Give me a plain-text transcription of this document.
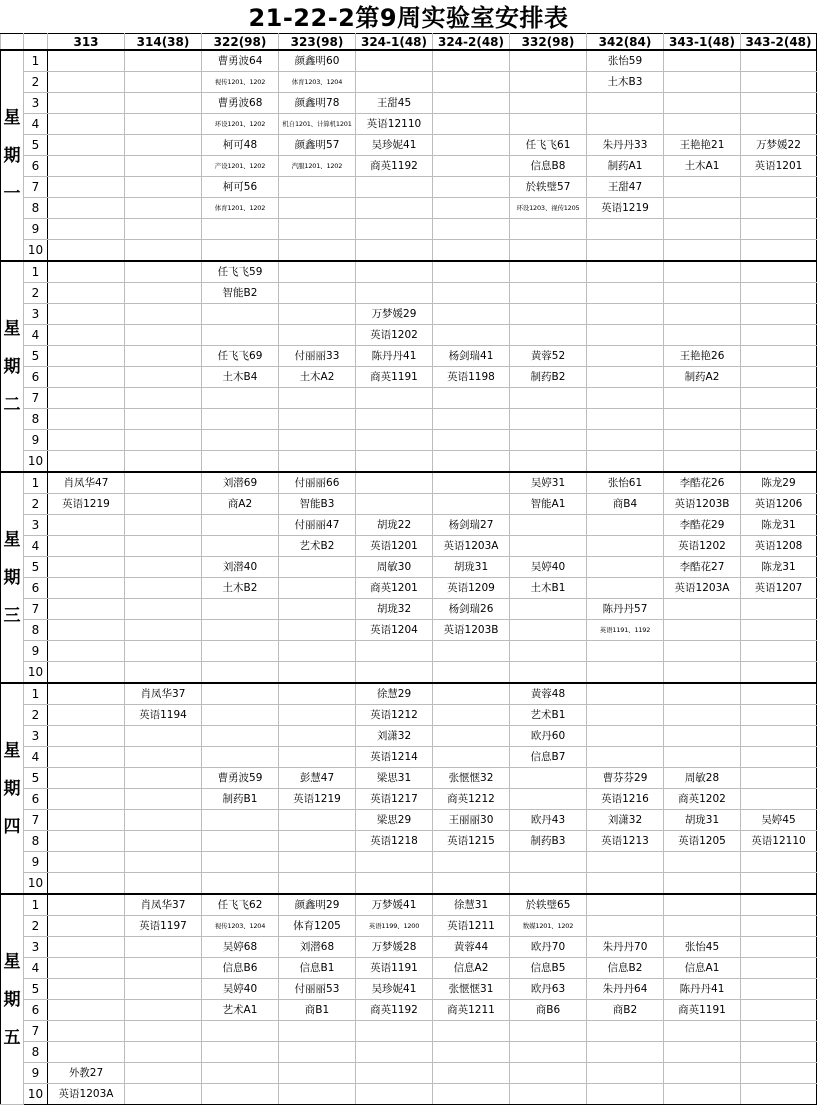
21-22-2第9周实验室安排表
		313	314(38)	322(98)	323(98)	324-1(48)	324-2(48)	332(98)	342(84)	343-1(48)	343-2(48)

星
期
一	1			曹勇波64	颜鑫明60				张怡59		
	2			视传1201、1202	体育1203、1204				土木B3		
	3			曹勇波68	颜鑫明78	王甜45					
	4			环设1201、1202	机自1201、计算机1201	英语12110					
	5			柯可48	颜鑫明57	吴珍妮41		任飞飞61	朱丹丹33	王艳艳21	万梦媛22
	6			产设1201、1202	汽服1201、1202	商英1192		信息B8	制药A1	土木A1	英语1201
	7			柯可56				於轶璧57	王甜47		
	8			体育1201、1202				环设1203、视传1205	英语1219		
	9										
	10										

星
期
二	1			任飞飞59							
	2			智能B2							
	3					万梦媛29					
	4					英语1202					
	5			任飞飞69	付丽丽33	陈丹丹41	杨剑瑞41	黄蓉52		王艳艳26	
	6			土木B4	土木A2	商英1191	英语1198	制药B2		制药A2	
	7										
	8										
	9										
	10										

星
期
三	1	肖凤华47		刘潜69	付丽丽66			吴婷31	张怡61	李酷花26	陈龙29
	2	英语1219		商A2	智能B3			智能A1	商B4	英语1203B	英语1206
	3				付丽丽47	胡珑22	杨剑瑞27			李酷花29	陈龙31
	4				艺术B2	英语1201	英语1203A			英语1202	英语1208
	5			刘潜40		周敏30	胡珑31	吴婷40		李酷花27	陈龙31
	6			土木B2		商英1201	英语1209	土木B1		英语1203A	英语1207
	7					胡珑32	杨剑瑞26		陈丹丹57		
	8					英语1204	英语1203B		英语1191、1192		
	9										
	10										

星
期
四	1		肖凤华37			徐慧29		黄蓉48			
	2		英语1194			英语1212		艺术B1			
	3					刘潇32		欧丹60			
	4					英语1214		信息B7			
	5			曹勇波59	彭慧47	梁思31	张惬惬32		曹芬芬29	周敏28	
	6			制药B1	英语1219	英语1217	商英1212		英语1216	商英1202	
	7					梁思29	王丽丽30	欧丹43	刘潇32	胡珑31	吴婷45
	8					英语1218	英语1215	制药B3	英语1213	英语1205	英语12110
	9										
	10										

星
期
五	1		肖凤华37	任飞飞62	颜鑫明29	万梦媛41	徐慧31	於轶璧65			
	2		英语1197	视传1203、1204	体育1205	英语1199、1200	英语1211	数媒1201、1202			
	3			吴婷68	刘潜68	万梦媛28	黄蓉44	欧丹70	朱丹丹70	张怡45	
	4			信息B6	信息B1	英语1191	信息A2	信息B5	信息B2	信息A1	
	5			吴婷40	付丽丽53	吴珍妮41	张惬惬31	欧丹63	朱丹丹64	陈丹丹41	
	6			艺术A1	商B1	商英1192	商英1211	商B6	商B2	商英1191	
	7										
	8										
	9	外教27									
	10	英语1203A									
